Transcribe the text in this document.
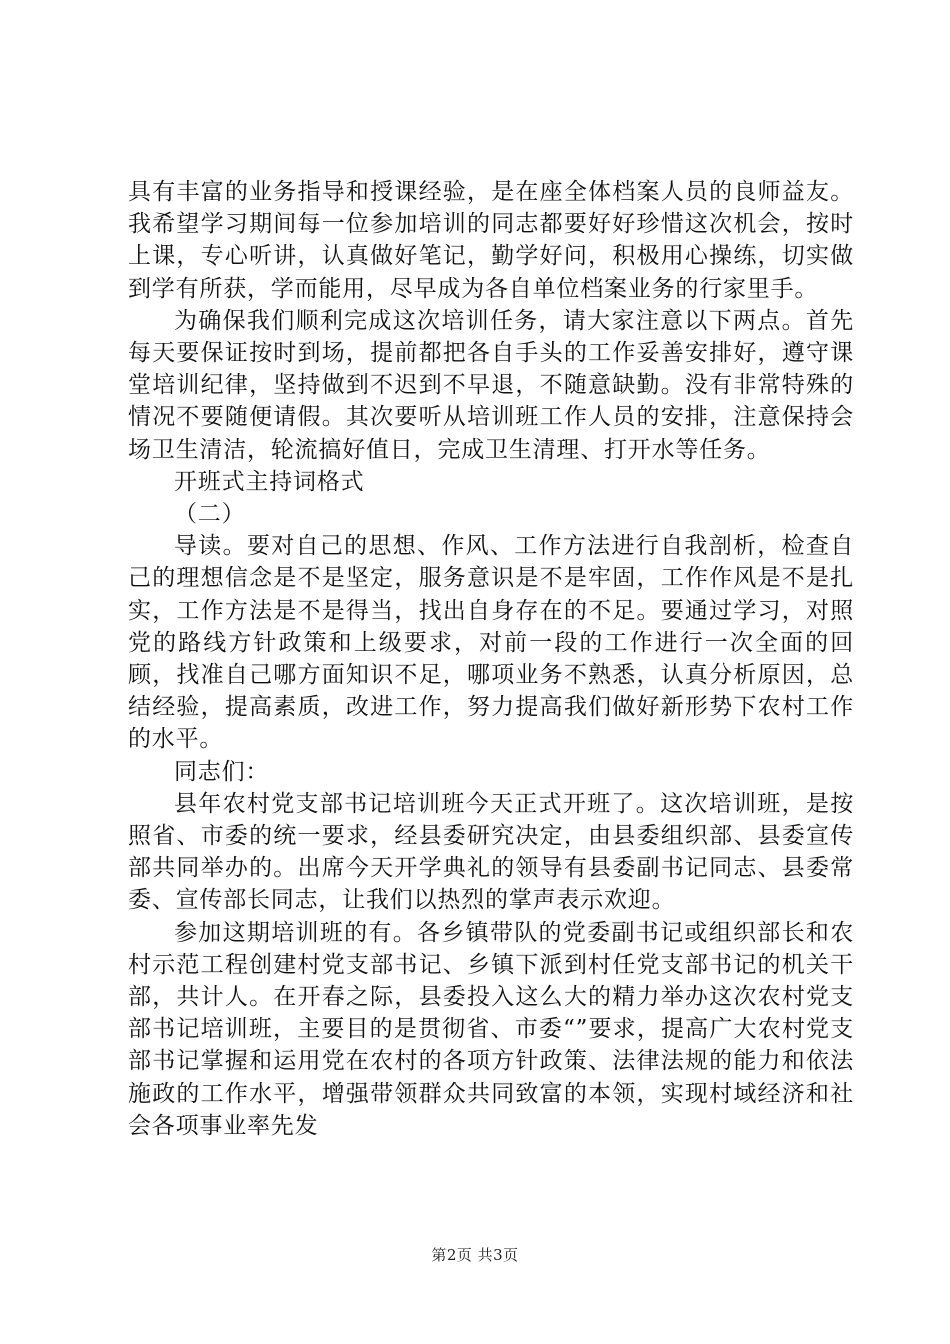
具有丰富的业务指导和授课经验，是在座全体档案人员的良师益友。我希望学习期间每一位参加培训的同志都要好好珍惜这次机会，按时上课，专心听讲，认真做好笔记，勤学好问，积极用心操练，切实做到学有所获，学而能用，尽早成为各自单位档案业务的行家里手。

为确保我们顺利完成这次培训任务，请大家注意以下两点。首先每天要保证按时到场，提前都把各自手头的工作妥善安排好，遵守课堂培训纪律，坚持做到不迟到不早退，不随意缺勤。没有非常特殊的情况不要随便请假。其次要听从培训班工作人员的安排，注意保持会场卫生清洁，轮流搞好值日，完成卫生清理、打开水等任务。

开班式主持词格式

（二）

导读。要对自己的思想、作风、工作方法进行自我剖析，检查自己的理想信念是不是坚定，服务意识是不是牢固，工作作风是不是扎实，工作方法是不是得当，找出自身存在的不足。要通过学习，对照党的路线方针政策和上级要求，对前一段的工作进行一次全面的回顾，找准自己哪方面知识不足，哪项业务不熟悉，认真分析原因，总结经验，提高素质，改进工作，努力提高我们做好新形势下农村工作的水平。

同志们：

县年农村党支部书记培训班今天正式开班了。这次培训班，是按照省、市委的统一要求，经县委研究决定，由县委组织部、县委宣传部共同举办的。出席今天开学典礼的领导有县委副书记同志、县委常委、宣传部长同志，让我们以热烈的掌声表示欢迎。

参加这期培训班的有。各乡镇带队的党委副书记或组织部长和农村示范工程创建村党支部书记、乡镇下派到村任党支部书记的机关干部，共计人。在开春之际，县委投入这么大的精力举办这次农村党支部书记培训班，主要目的是贯彻省、市委“”要求，提高广大农村党支部书记掌握和运用党在农村的各项方针政策、法律法规的能力和依法施政的工作水平，增强带领群众共同致富的本领，实现村域经济和社会各项事业率先发

第2页 共3页
